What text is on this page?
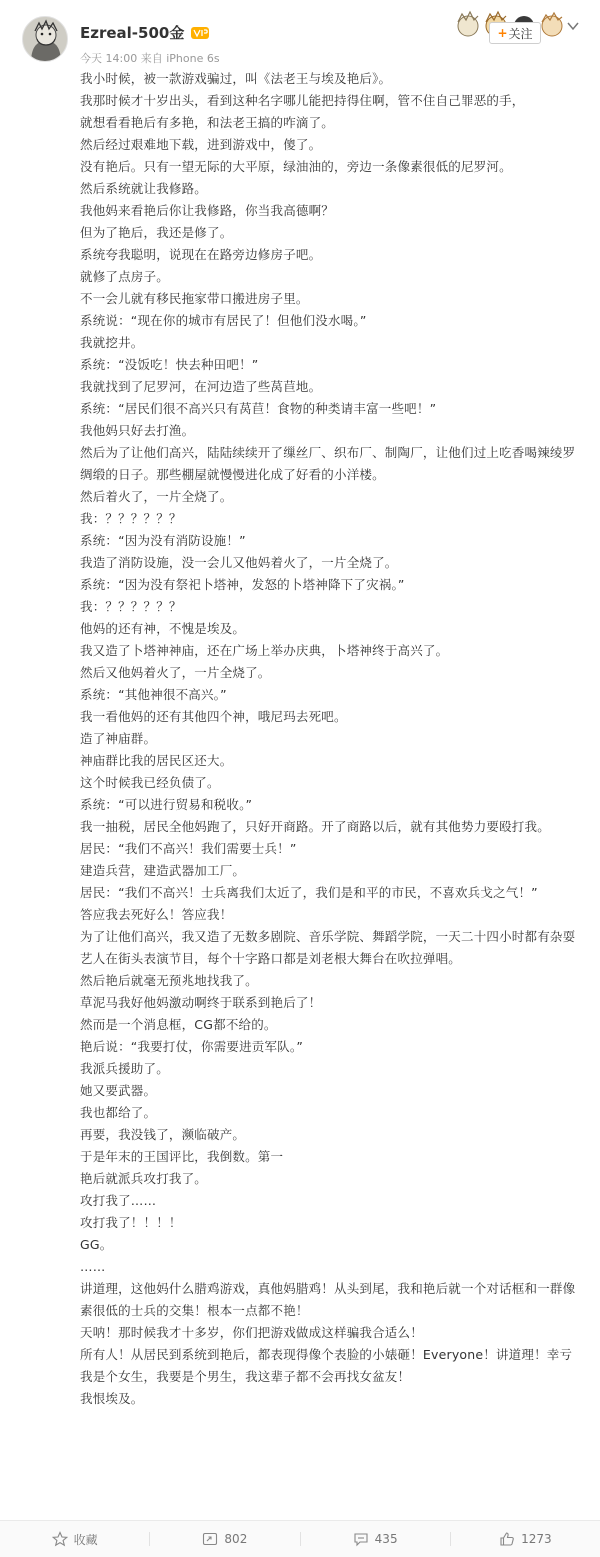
Ezreal-500金
今天 14:00 来自 iPhone 6s
+ 关注
我小时候，被一款游戏骗过，叫《法老王与埃及艳后》。
我那时候才十岁出头，看到这种名字哪儿能把持得住啊，管不住自己罪恶的手，
就想看看艳后有多艳，和法老王搞的咋滴了。
然后经过艰难地下载，进到游戏中，傻了。
没有艳后。只有一望无际的大平原，绿油油的，旁边一条像素很低的尼罗河。
然后系统就让我修路。
我他妈来看艳后你让我修路，你当我高德啊？
但为了艳后，我还是修了。
系统夸我聪明，说现在在路旁边修房子吧。
就修了点房子。
不一会儿就有移民拖家带口搬进房子里。
系统说：“现在你的城市有居民了！但他们没水喝。”
我就挖井。
系统：“没饭吃！快去种田吧！”
我就找到了尼罗河，在河边造了些莴苣地。
系统：“居民们很不高兴只有莴苣！食物的种类请丰富一些吧！”
我他妈只好去打渔。
然后为了让他们高兴，陆陆续续开了缫丝厂、织布厂、制陶厂，让他们过上吃香喝辣绫罗绸缎的日子。那些棚屋就慢慢进化成了好看的小洋楼。
然后着火了，一片全烧了。
我：？？？？？？
系统：“因为没有消防设施！”
我造了消防设施，没一会儿又他妈着火了，一片全烧了。
系统：“因为没有祭祀卜塔神，发怒的卜塔神降下了灾祸。”
我：？？？？？？
他妈的还有神，不愧是埃及。
我又造了卜塔神神庙，还在广场上举办庆典，卜塔神终于高兴了。
然后又他妈着火了，一片全烧了。
系统：“其他神很不高兴。”
我一看他妈的还有其他四个神，哦尼玛去死吧。
造了神庙群。
神庙群比我的居民区还大。
这个时候我已经负债了。
系统：“可以进行贸易和税收。”
我一抽税，居民全他妈跑了，只好开商路。开了商路以后，就有其他势力要殴打我。
居民：“我们不高兴！我们需要士兵！”
建造兵营，建造武器加工厂。
居民：“我们不高兴！士兵离我们太近了，我们是和平的市民，不喜欢兵戈之气！”
答应我去死好么！答应我！
为了让他们高兴，我又造了无数多剧院、音乐学院、舞蹈学院，一天二十四小时都有杂耍艺人在街头表演节目，每个十字路口都是刘老根大舞台在吹拉弹唱。
然后艳后就毫无预兆地找我了。
草泥马我好他妈激动啊终于联系到艳后了！
然而是一个消息框，CG都不给的。
艳后说：“我要打仗，你需要进贡军队。”
我派兵援助了。
她又要武器。
我也都给了。
再要，我没钱了，濒临破产。
于是年末的王国评比，我倒数。第一
艳后就派兵攻打我了。
攻打我了……
攻打我了！！！！
GG。
……
讲道理，这他妈什么腊鸡游戏，真他妈腊鸡！从头到尾，我和艳后就一个对话框和一群像素很低的士兵的交集！根本一点都不艳！
天呐！那时候我才十多岁，你们把游戏做成这样骗我合适么！
所有人！从居民到系统到艳后，都表现得像个表脸的小婊砸！Everyone！讲道理！幸亏我是个女生，我要是个男生，我这辈子都不会再找女盆友！
我恨埃及。
收藏	802	435	1273
